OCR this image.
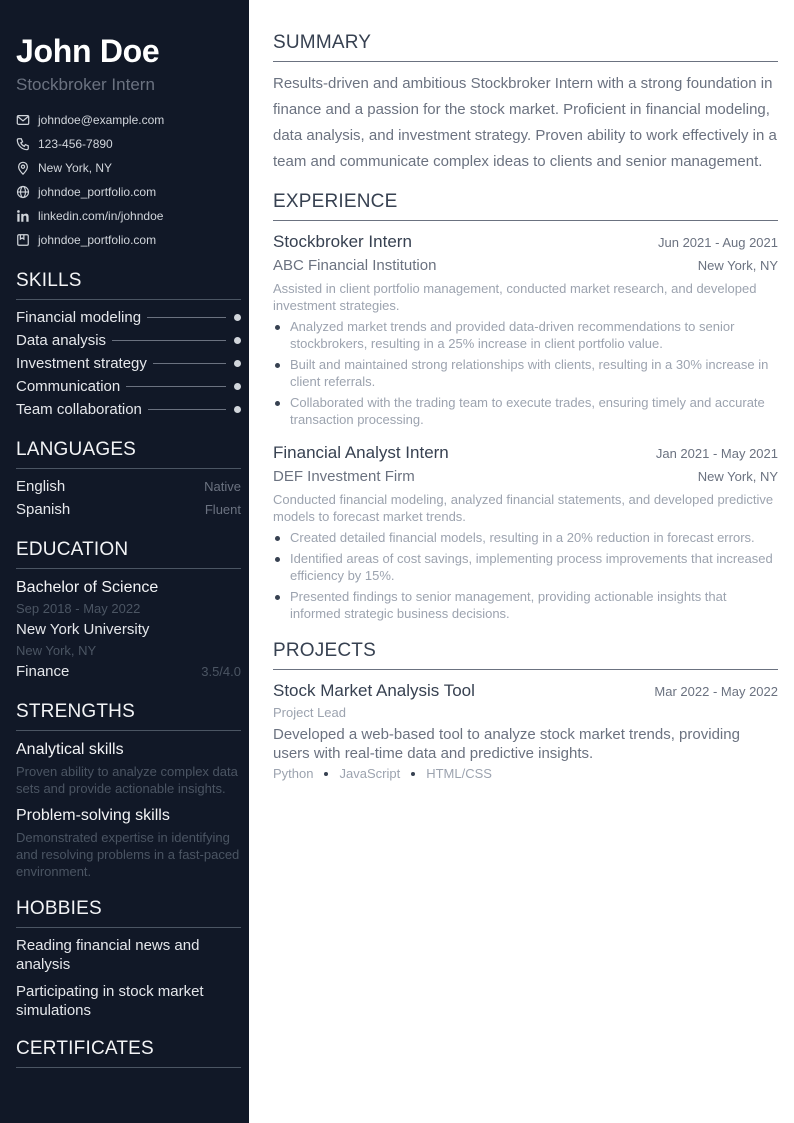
John Doe
Stockbroker Intern
johndoe@example.com
123-456-7890
New York, NY
johndoe_portfolio.com
linkedin.com/in/johndoe
johndoe_portfolio.com
SKILLS
Financial modeling
Data analysis
Investment strategy
Communication
Team collaboration
LANGUAGES
English	Native
Spanish	Fluent
EDUCATION
Bachelor of Science
Sep 2018 - May 2022
New York University
New York, NY
Finance	3.5/4.0
STRENGTHS
Analytical skills
Proven ability to analyze complex data sets and provide actionable insights.
Problem-solving skills
Demonstrated expertise in identifying and resolving problems in a fast-paced environment.
HOBBIES
Reading financial news and analysis
Participating in stock market simulations
CERTIFICATES
SUMMARY
Results-driven and ambitious Stockbroker Intern with a strong foundation in finance and a passion for the stock market. Proficient in financial modeling, data analysis, and investment strategy. Proven ability to work effectively in a team and communicate complex ideas to clients and senior management.
EXPERIENCE
Stockbroker Intern	Jun 2021 - Aug 2021
ABC Financial Institution	New York, NY
Assisted in client portfolio management, conducted market research, and developed investment strategies.
Analyzed market trends and provided data-driven recommendations to senior stockbrokers, resulting in a 25% increase in client portfolio value.
Built and maintained strong relationships with clients, resulting in a 30% increase in client referrals.
Collaborated with the trading team to execute trades, ensuring timely and accurate transaction processing.
Financial Analyst Intern	Jan 2021 - May 2021
DEF Investment Firm	New York, NY
Conducted financial modeling, analyzed financial statements, and developed predictive models to forecast market trends.
Created detailed financial models, resulting in a 20% reduction in forecast errors.
Identified areas of cost savings, implementing process improvements that increased efficiency by 15%.
Presented findings to senior management, providing actionable insights that informed strategic business decisions.
PROJECTS
Stock Market Analysis Tool	Mar 2022 - May 2022
Project Lead
Developed a web-based tool to analyze stock market trends, providing users with real-time data and predictive insights.
Python JavaScript HTML/CSS
